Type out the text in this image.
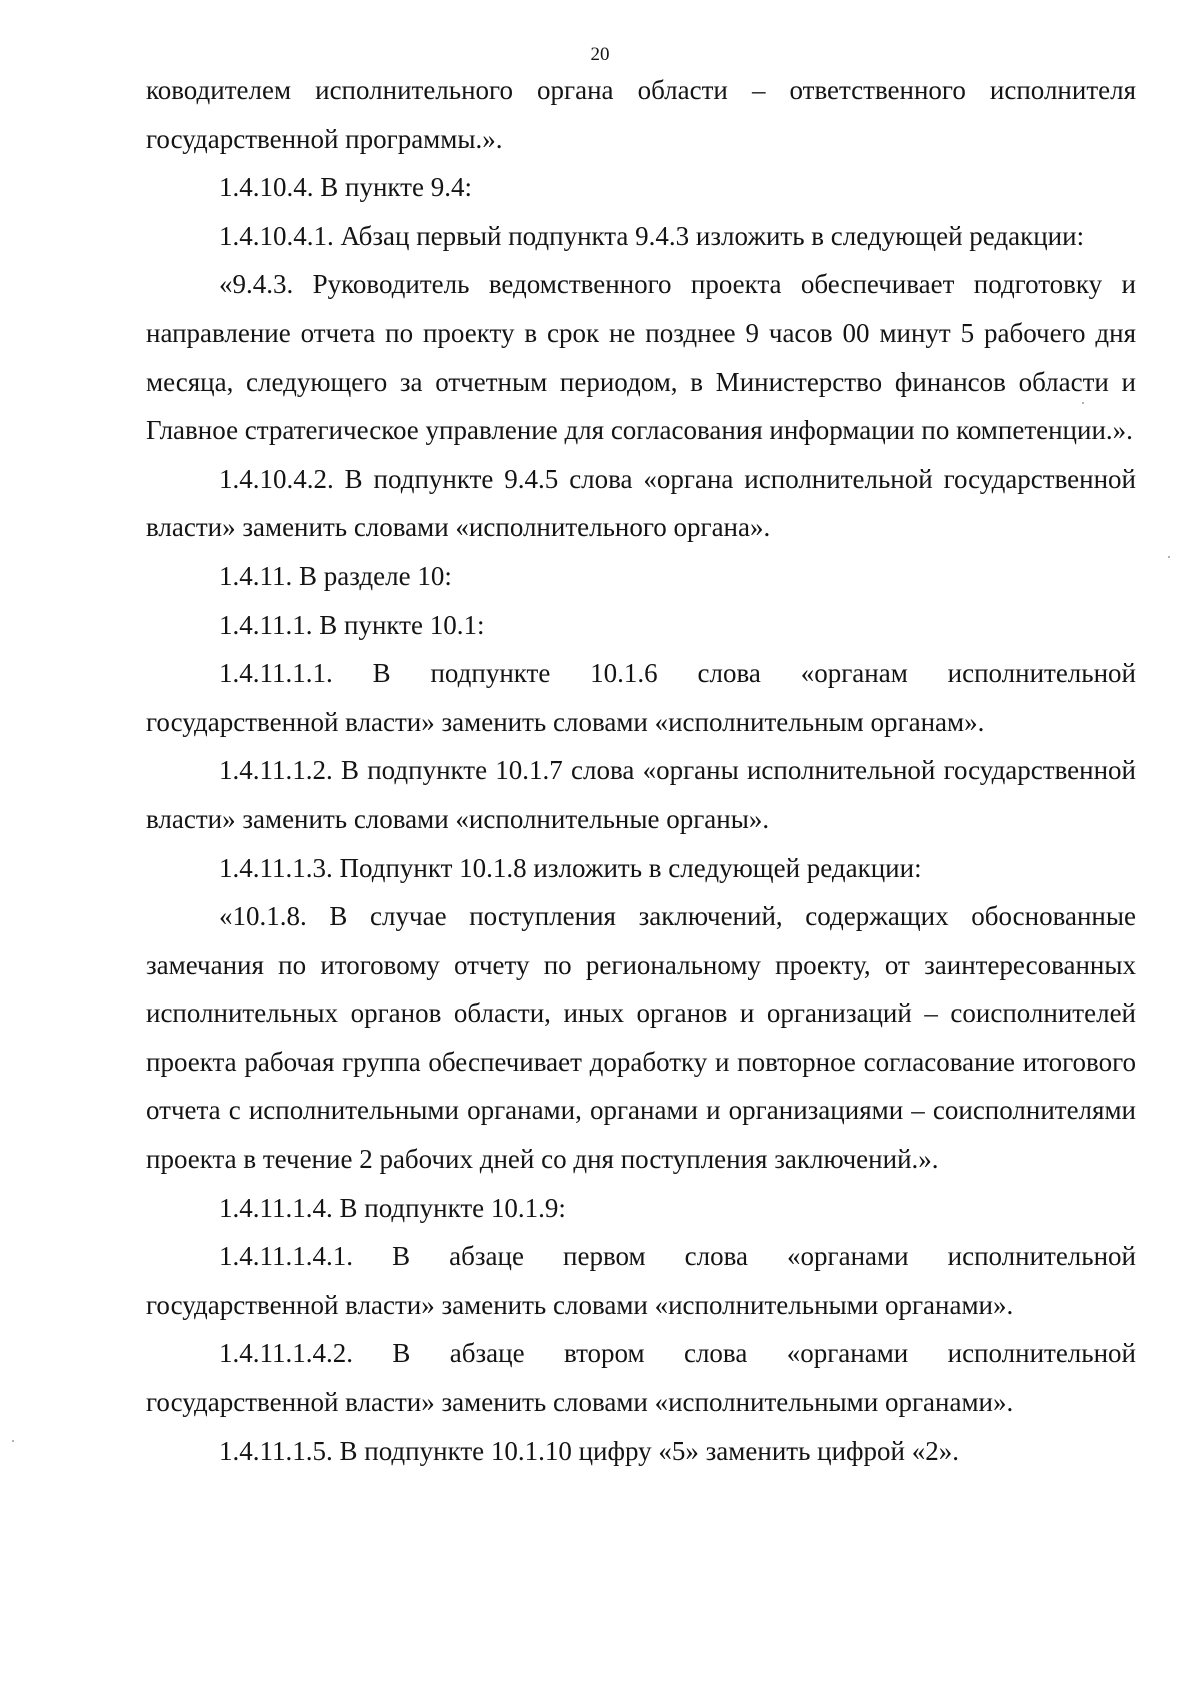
20

ководителем исполнительного органа области – ответственного исполнителя государственной программы.».

1.4.10.4. В пункте 9.4:

1.4.10.4.1. Абзац первый подпункта 9.4.3 изложить в следующей редакции:

«9.4.3. Руководитель ведомственного проекта обеспечивает подготовку и направление отчета по проекту в срок не позднее 9 часов 00 минут 5 рабочего дня месяца, следующего за отчетным периодом, в Министерство финансов области и Главное стратегическое управление для согласования информации по компетенции.».

1.4.10.4.2. В подпункте 9.4.5 слова «органа исполнительной государственной власти» заменить словами «исполнительного органа».

1.4.11. В разделе 10:

1.4.11.1. В пункте 10.1:

1.4.11.1.1. В подпункте 10.1.6 слова «органам исполнительной государственной власти» заменить словами «исполнительным органам».

1.4.11.1.2. В подпункте 10.1.7 слова «органы исполнительной государственной власти» заменить словами «исполнительные органы».

1.4.11.1.3. Подпункт 10.1.8 изложить в следующей редакции:

«10.1.8. В случае поступления заключений, содержащих обоснованные замечания по итоговому отчету по региональному проекту, от заинтересованных исполнительных органов области, иных органов и организаций – соисполнителей проекта рабочая группа обеспечивает доработку и повторное согласование итогового отчета с исполнительными органами, органами и организациями – соисполнителями проекта в течение 2 рабочих дней со дня поступления заключений.».

1.4.11.1.4. В подпункте 10.1.9:

1.4.11.1.4.1. В абзаце первом слова «органами исполнительной государственной власти» заменить словами «исполнительными органами».

1.4.11.1.4.2. В абзаце втором слова «органами исполнительной государственной власти» заменить словами «исполнительными органами».

1.4.11.1.5. В подпункте 10.1.10 цифру «5» заменить цифрой «2».
